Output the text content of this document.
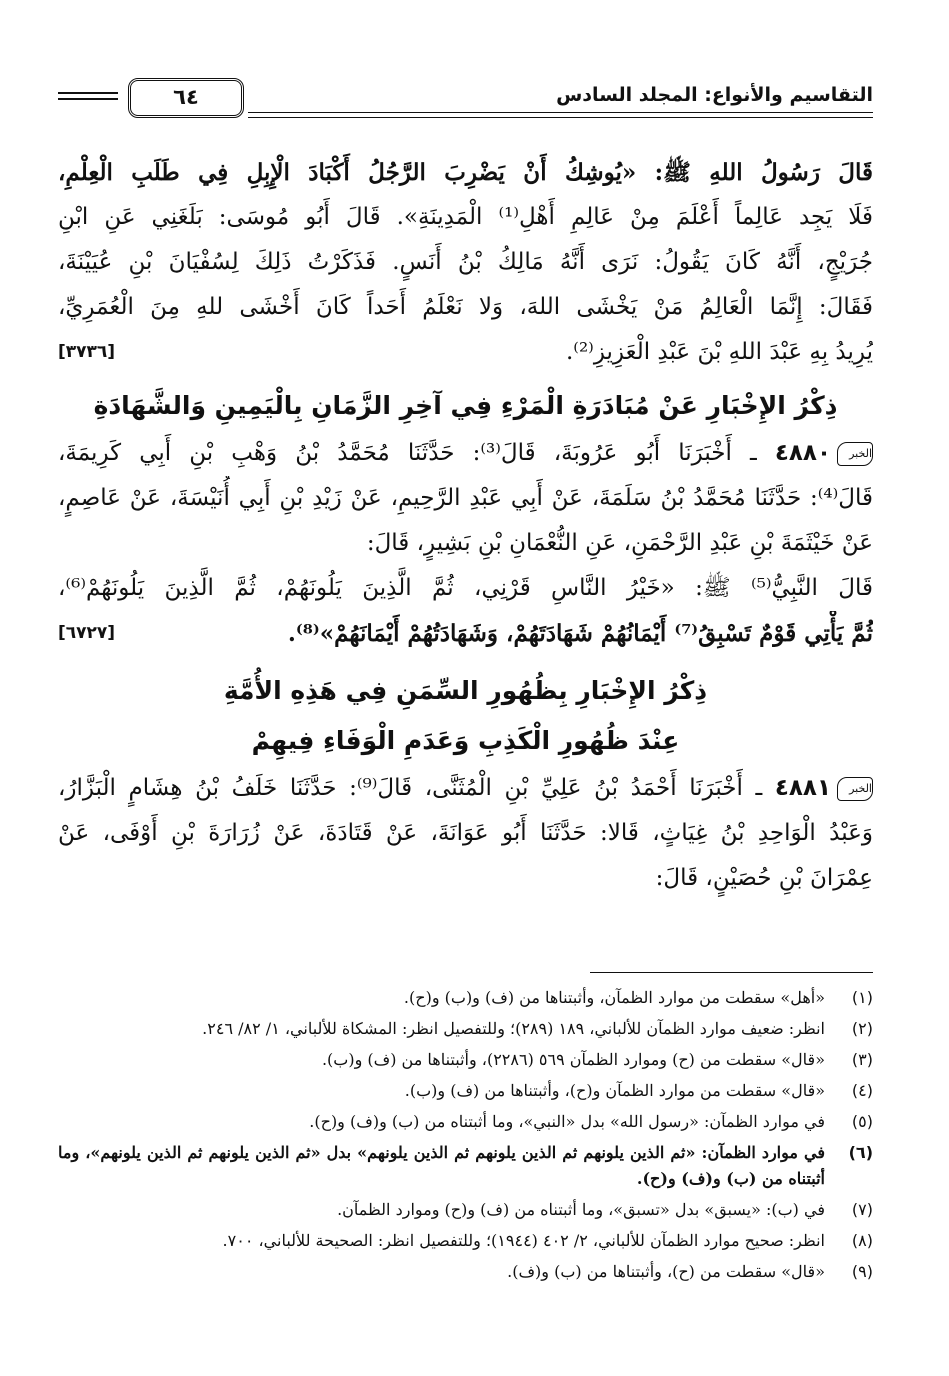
التقاسيم والأنواع: المجلد السادس
٦٤
قَالَ رَسُولُ اللهِ ﷺ: «يُوشِكُ أَنْ يَضْرِبَ الرَّجُلُ أَكْبَادَ الْإِبِلِ فِي طَلَبِ الْعِلْمِ،
فَلَا يَجِد عَالِماً أَعْلَمَ مِنْ عَالِمِ أَهْلِ⁽¹⁾ الْمَدِينَةِ». قَالَ أَبُو مُوسَى: بَلَغَنِي عَنِ ابْنِ
جُرَيْجٍ، أَنَّهُ كَانَ يَقُولُ: نَرَى أَنَّهُ مَالِكُ بْنُ أَنَسٍ. فَذَكَرْتُ ذَلِكَ لِسُفْيَانَ بْنِ عُيَيْنَةَ،
فَقَالَ: إِنَّمَا الْعَالِمُ مَنْ يَخْشَى اللهَ، وَلا نَعْلَمُ أَحَداً كَانَ أَخْشَى للهِ مِنَ الْعُمَرِيِّ،
[٣٧٣٦]	يُرِيدُ بِهِ عَبْدَ اللهِ بْنَ عَبْدِ الْعَزِيزِ⁽²⁾.
ذِكْرُ الإِخْبَارِ عَنْ مُبَادَرَةِ الْمَرْءِ فِي آخِرِ الزَّمَانِ بِالْيَمِينِ وَالشَّهَادَةِ
الخبر٤٨٨٠ ـ أَخْبَرَنَا أَبُو عَرُوبَةَ، قَالَ⁽³⁾: حَدَّثَنَا مُحَمَّدُ بْنُ وَهْبِ بْنِ أَبِي كَرِيمَةَ،
قَالَ⁽⁴⁾: حَدَّثَنَا مُحَمَّدُ بْنُ سَلَمَةَ، عَنْ أَبِي عَبْدِ الرَّحِيمِ، عَنْ زَيْدِ بْنِ أَبِي أُنَيْسَةَ، عَنْ عَاصِمٍ،
عَنْ خَيْثَمَةَ بْنِ عَبْدِ الرَّحْمَنِ، عَنِ النُّعْمَانِ بْنِ بَشِيرٍ، قَالَ:
قَالَ النَّبِيُّ⁽⁵⁾ ﷺ: «خَيْرُ النَّاسِ قَرْنِي، ثُمَّ الَّذِينَ يَلُونَهُمْ، ثُمَّ الَّذِينَ يَلُونَهُمْ⁽⁶⁾،
[٦٧٢٧]	ثُمَّ يَأْتِي قَوْمٌ تَسْبِقُ⁽⁷⁾ أَيْمَانُهُمْ شَهَادَتَهُمْ، وَشَهَادَتُهُمْ أَيْمَانَهُمْ»⁽⁸⁾.
ذِكْرُ الإِخْبَارِ بِظُهُورِ السِّمَنِ فِي هَذِهِ الأُمَّةِ
عِنْدَ ظُهُورِ الْكَذِبِ وَعَدَمِ الْوَفَاءِ فِيهِمْ
الخبر٤٨٨١ ـ أَخْبَرَنَا أَحْمَدُ بْنُ عَلِيِّ بْنِ الْمُثَنَّى، قَالَ⁽⁹⁾: حَدَّثَنَا خَلَفُ بْنُ هِشَامٍ الْبَزَّارُ،
وَعَبْدُ الْوَاحِدِ بْنُ غِيَاثٍ، قَالا: حَدَّثَنَا أَبُو عَوَانَةَ، عَنْ قَتَادَةَ، عَنْ زُرَارَةَ بْنِ أَوْفَى، عَنْ
عِمْرَانَ بْنِ حُصَيْنٍ، قَالَ:
(١)
«أهل» سقطت من موارد الظمآن، وأثبتناها من (ف) و(ب) و(ح).
(٢)
انظر: ضعيف موارد الظمآن للألباني، ١٨٩ (٢٨٩)؛ وللتفصيل انظر: المشكاة للألباني، ١/ ٨٢/ ٢٤٦.
(٣)
«قال» سقطت من (ح) وموارد الظمآن ٥٦٩ (٢٢٨٦)، وأثبتناها من (ف) و(ب).
(٤)
«قال» سقطت من موارد الظمآن و(ح)، وأثبتناها من (ف) و(ب).
(٥)
في موارد الظمآن: «رسول الله» بدل «النبي»، وما أثبتناه من (ب) و(ف) و(ح).
(٦)
في موارد الظمآن: «ثم الذين يلونهم ثم الذين يلونهم ثم الذين يلونهم» بدل «ثم الذين يلونهم ثم الذين يلونهم»، وما أثبتناه من (ب) و(ف) و(ح).
(٧)
في (ب): «يسبق» بدل «تسبق»، وما أثبتناه من (ف) و(ح) وموارد الظمآن.
(٨)
انظر: صحيح موارد الظمآن للألباني، ٢/ ٤٠٢ (١٩٤٤)؛ وللتفصيل انظر: الصحيحة للألباني، ٧٠٠.
(٩)
«قال» سقطت من (ح)، وأثبتناها من (ب) و(ف).
